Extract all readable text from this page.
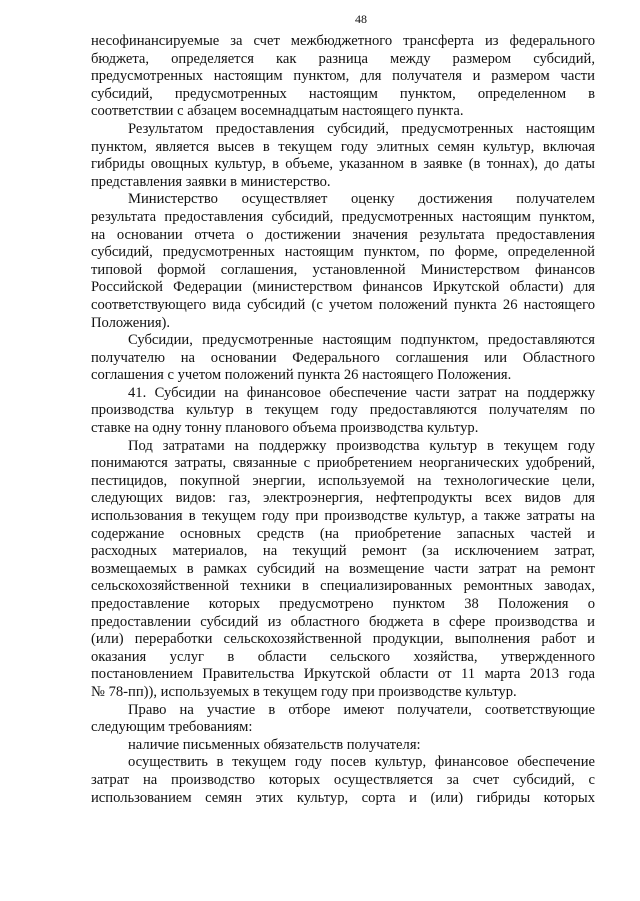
48
несофинансируемые за счет межбюджетного трансферта из федерального
бюджета, определяется как разница между размером субсидий,
предусмотренных настоящим пунктом, для получателя и размером части
субсидий, предусмотренных настоящим пунктом, определенном в
соответствии с абзацем восемнадцатым настоящего пункта.
Результатом предоставления субсидий, предусмотренных настоящим
пунктом, является высев в текущем году элитных семян культур, включая
гибриды овощных культур, в объеме, указанном в заявке (в тоннах), до даты
представления заявки в министерство.
Министерство осуществляет оценку достижения получателем
результата предоставления субсидий, предусмотренных настоящим пунктом,
на основании отчета о достижении значения результата предоставления
субсидий, предусмотренных настоящим пунктом, по форме, определенной
типовой формой соглашения, установленной Министерством финансов
Российской Федерации (министерством финансов Иркутской области) для
соответствующего вида субсидий (с учетом положений пункта 26 настоящего
Положения).
Субсидии, предусмотренные настоящим подпунктом, предоставляются
получателю на основании Федерального соглашения или Областного
соглашения с учетом положений пункта 26 настоящего Положения.
41. Субсидии на финансовое обеспечение части затрат на поддержку
производства культур в текущем году предоставляются получателям по
ставке на одну тонну планового объема производства культур.
Под затратами на поддержку производства культур в текущем году
понимаются затраты, связанные с приобретением неорганических удобрений,
пестицидов, покупной энергии, используемой на технологические цели,
следующих видов: газ, электроэнергия, нефтепродукты всех видов для
использования в текущем году при производстве культур, а также затраты на
содержание основных средств (на приобретение запасных частей и
расходных материалов, на текущий ремонт (за исключением затрат,
возмещаемых в рамках субсидий на возмещение части затрат на ремонт
сельскохозяйственной техники в специализированных ремонтных заводах,
предоставление которых предусмотрено пунктом 38 Положения о
предоставлении субсидий из областного бюджета в сфере производства и
(или) переработки сельскохозяйственной продукции, выполнения работ и
оказания услуг в области сельского хозяйства, утвержденного
постановлением Правительства Иркутской области от 11 марта 2013 года
№ 78-пп)), используемых в текущем году при производстве культур.
Право на участие в отборе имеют получатели, соответствующие
следующим требованиям:
наличие письменных обязательств получателя:
осуществить в текущем году посев культур, финансовое обеспечение
затрат на производство которых осуществляется за счет субсидий, с
использованием семян этих культур, сорта и (или) гибриды которых
